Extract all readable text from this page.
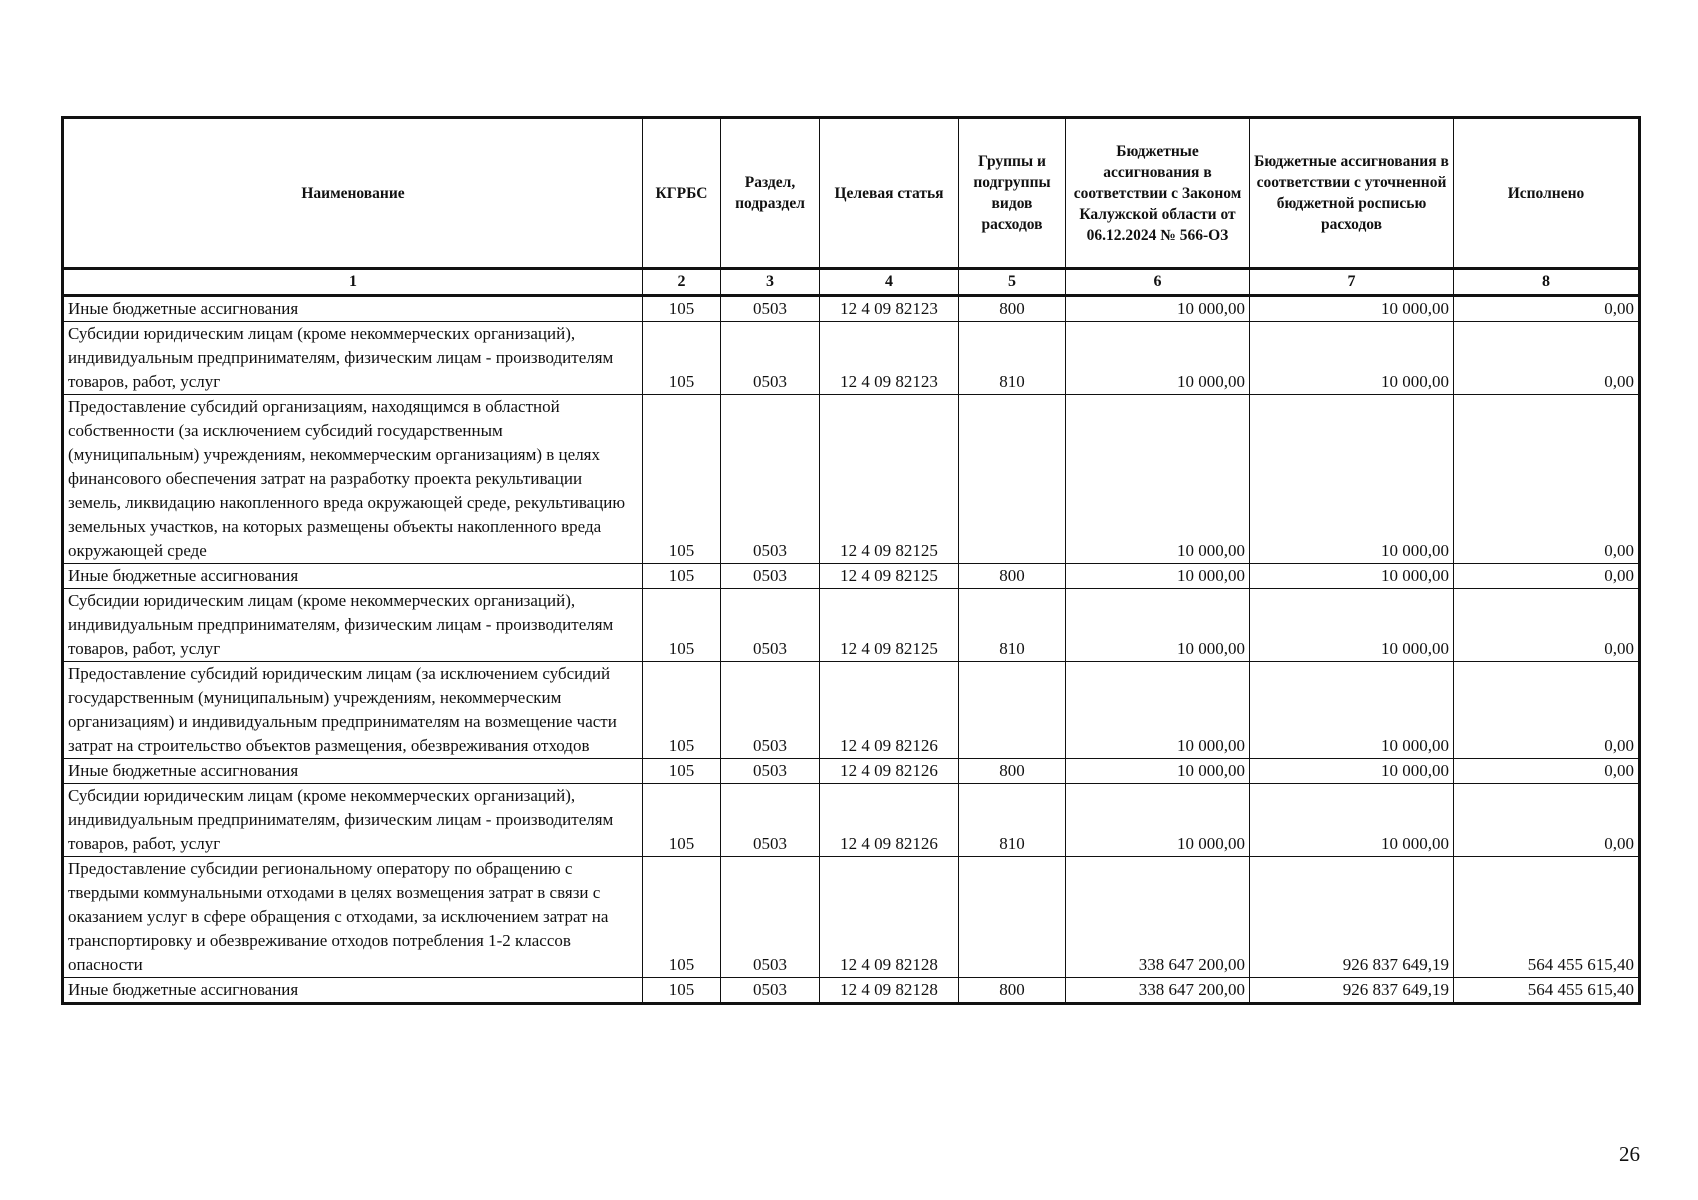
Наименование	КГРБС	Раздел, подраздел	Целевая статья	Группы и подгруппы видов расходов	Бюджетные ассигнования в соответствии с Законом Калужской области от 06.12.2024 № 566-ОЗ	Бюджетные ассигнования в соответствии с уточненной бюджетной росписью расходов	Исполнено
1	2	3	4	5	6	7	8
Иные бюджетные ассигнования	105	0503	12 4 09 82123	800	10 000,00	10 000,00	0,00
Субсидии юридическим лицам (кроме некоммерческих организаций), индивидуальным предпринимателям, физическим лицам - производителям товаров, работ, услуг	105	0503	12 4 09 82123	810	10 000,00	10 000,00	0,00
Предоставление субсидий организациям, находящимся в областной собственности (за исключением субсидий государственным (муниципальным) учреждениям, некоммерческим организациям) в целях финансового обеспечения затрат на разработку проекта рекультивации земель, ликвидацию накопленного вреда окружающей среде, рекультивацию земельных участков, на которых размещены объекты накопленного вреда окружающей среде	105	0503	12 4 09 82125		10 000,00	10 000,00	0,00
Иные бюджетные ассигнования	105	0503	12 4 09 82125	800	10 000,00	10 000,00	0,00
Субсидии юридическим лицам (кроме некоммерческих организаций), индивидуальным предпринимателям, физическим лицам - производителям товаров, работ, услуг	105	0503	12 4 09 82125	810	10 000,00	10 000,00	0,00
Предоставление субсидий юридическим лицам (за исключением субсидий государственным (муниципальным) учреждениям, некоммерческим организациям) и индивидуальным предпринимателям на возмещение части затрат на строительство объектов размещения, обезвреживания отходов	105	0503	12 4 09 82126		10 000,00	10 000,00	0,00
Иные бюджетные ассигнования	105	0503	12 4 09 82126	800	10 000,00	10 000,00	0,00
Субсидии юридическим лицам (кроме некоммерческих организаций), индивидуальным предпринимателям, физическим лицам - производителям товаров, работ, услуг	105	0503	12 4 09 82126	810	10 000,00	10 000,00	0,00
Предоставление субсидии региональному оператору по обращению с твердыми коммунальными отходами в целях возмещения затрат в связи с оказанием услуг в сфере обращения с отходами, за исключением затрат на транспортировку и обезвреживание отходов потребления 1-2 классов опасности	105	0503	12 4 09 82128		338 647 200,00	926 837 649,19	564 455 615,40
Иные бюджетные ассигнования	105	0503	12 4 09 82128	800	338 647 200,00	926 837 649,19	564 455 615,40
26
